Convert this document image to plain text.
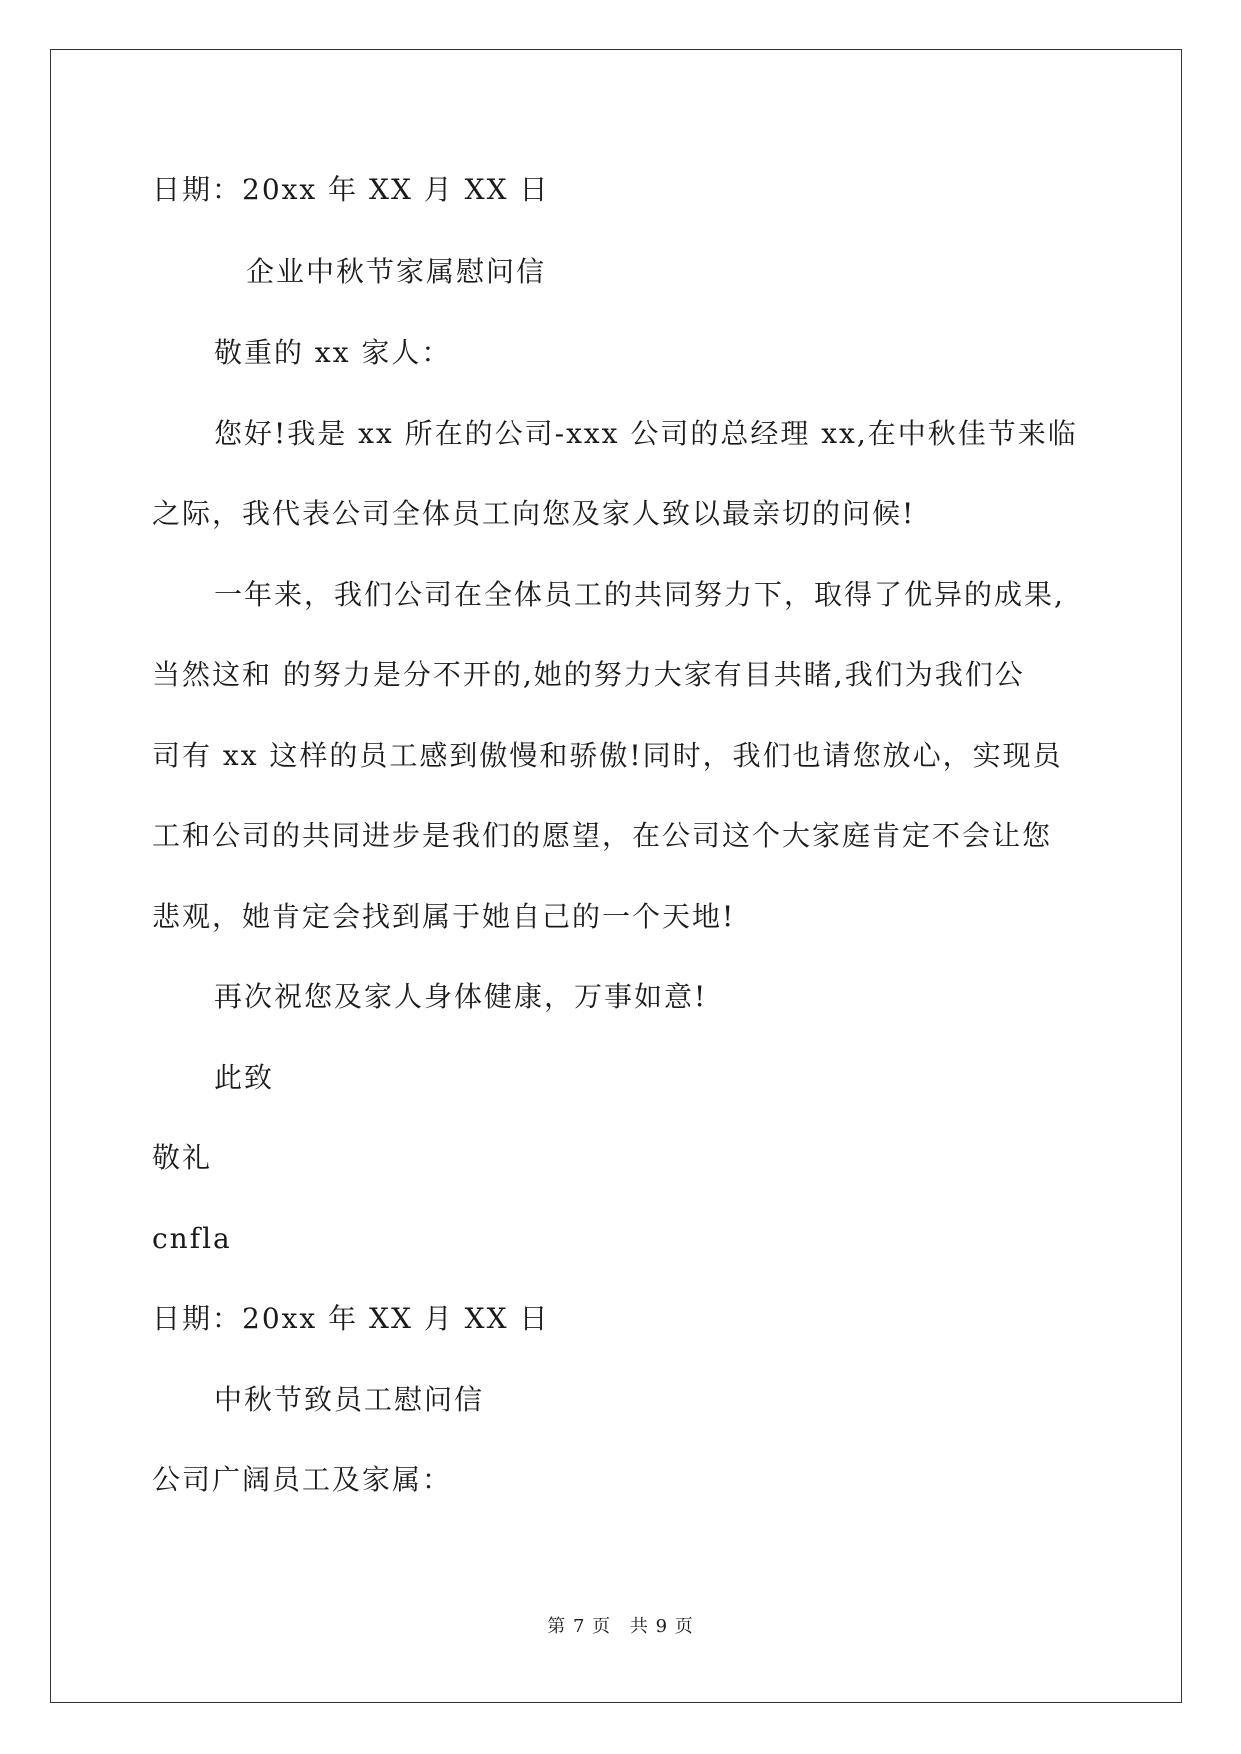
日期：20xx 年 XX 月 XX 日
企业中秋节家属慰问信
敬重的 xx 家人：
您好!我是 xx 所在的公司-xxx 公司的总经理 xx,在中秋佳节来临
之际，我代表公司全体员工向您及家人致以最亲切的问候!
一年来，我们公司在全体员工的共同努力下，取得了优异的成果,
当然这和 的努力是分不开的,她的努力大家有目共睹,我们为我们公
司有 xx 这样的员工感到傲慢和骄傲!同时，我们也请您放心，实现员
工和公司的共同进步是我们的愿望，在公司这个大家庭肯定不会让您
悲观，她肯定会找到属于她自己的一个天地!
再次祝您及家人身体健康，万事如意!
此致
敬礼
cnfla
日期：20xx 年 XX 月 XX 日
中秋节致员工慰问信
公司广阔员工及家属：
第 7 页 共 9 页
